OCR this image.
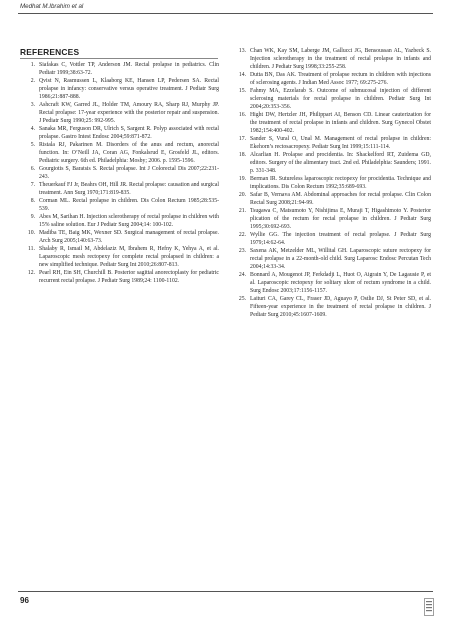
Medhat M.Ibrahim et al
REFERENCES
1. Siafakas C, Vottler TP, Anderson JM. Rectal prolapse in pediatrics. Clin Pediatr 1999;38:63-72.
2. Qvist N, Rasmussen L, Klaaborg KE, Hansen LP, Pedersen SA. Rectal prolapse in infancy: conservative versus operative treatment. J Pediatr Surg 1986;21:887-888.
3. Ashcraft KW, Garred JL, Holder TM, Amoury RA, Sharp RJ, Murphy JP. Rectal prolapse: 17-year experience with the posterior repair and suspension. J Pediatr Surg 1990;25: 992-995.
4. Sanaka MR, Ferguson DR, Ulrich S, Sargent R. Polyp associated with rectal prolapse. Gastro Intest Endosc 2004;59:871-872.
5. Ristala RJ, Pakarinen M. Disorders of the anus and rectum, anorectal function. In: O’Neill JA, Coran AG, Fonkalsrud E, Grosfeld JL, editors. Pediatric surgery. 6th ed. Philadelphia: Mosby; 2006. p. 1595-1596.
6. Gourgiotis S, Baratsis S. Rectal prolapse. Int J Colorectal Dis 2007;22:231-243.
7. Theuerkauf FJ Jr, Beahrs OH, Hill JR. Rectal prolapse: causation and surgical treatment. Ann Surg 1970;171:819-835.
8. Corman ML. Rectal prolapse in children. Dis Colon Rectum 1985;28:535-539.
9. Abes M, Sarihan H. Injection sclerotherapy of rectal prolapse in children with 15% saline solution. Eur J Pediatr Surg 2004;14: 100-102.
10. Madiba TE, Baig MK, Wexner SD. Surgical management of rectal prolapse. Arch Surg 2005;140:63-73.
11. Shalaby R, Ismail M, Abdelaziz M, Ibrahem R, Hefny K, Yehya A, et al. Laparoscopic mesh rectopexy for complete rectal prolapsed in children: a new simplified technique. Pediatr Surg Int 2010;26:807-813.
12. Pearl RH, Ein SH, Churchill B. Posterior sagittal anorectoplasty for pediatric recurrent rectal prolapse. J Pediatr Surg 1989;24: 1100-1102.
13. Chan WK, Kay SM, Laberge JM, Gallucci JG, Bensoussan AL, Yazbeck S. Injection sclerotherapy in the treatment of rectal prolapse in infants and children. J Pediatr Surg 1998;33:255-258.
14. Dutta BN, Das AK. Treatment of prolapse rectum in children with injections of sclerosing agents. J Indian Med Assoc 1977; 69:275-276.
15. Fahmy MA, Ezzelarab S. Outcome of submucosal injection of different sclerosing materials for rectal prolapse in children. Pediatr Surg Int 2004;20:353-356.
16. Hight DW, Hertzler JH, Philippart AI, Benson CD. Linear cauterization for the treatment of rectal prolapse in infants and children. Surg Gynecol Obstet 1982;154:400-402.
17. Sander S, Vural O, Unal M. Management of rectal prolapse in children: Ekehorn’s rectosacropexy. Pediatr Surg Int 1999;15:111-114.
18. Alcarlian H. Prolapse and procidentia. In: Shackelford RT, Zuidema GD, editors. Surgery of the alimentary tract. 2nd ed. Philadelphia: Saunders; 1991. p. 331-348.
19. Berman IR. Sutureless laparoscopic rectopexy for procidentia. Technique and implications. Dis Colon Rectum 1992;35:689-693.
20. Safar B, Vernava AM. Abdominal approaches for rectal prolapse. Clin Colon Rectal Surg 2008;21:94-99.
21. Tsugawa C, Matsumoto Y, Nishijima E, Muraji T, Higashimoto Y. Posterior plication of the rectum for rectal prolapse in children. J Pediatr Surg 1995;30:692-693.
22. Wyllie GG. The injection treatment of rectal prolapse. J Pediatr Surg 1979;14:62-64.
23. Saxena AK, Metzelder ML, Willital GH. Laparoscopic suture rectopexy for rectal prolapse in a 22-month-old child. Surg Laparosc Endosc Percutan Tech 2004;14:33-34.
24. Bonnard A, Mougenot JP, Ferkdadji L, Huot O, Aigrain Y, De Lagausie P, et al. Laparoscopic rectopexy for solitary ulcer of rectum syndrome in a child. Surg Endosc 2003;17:1156-1157.
25. Laituri CA, Garey CL, Fraser JD, Aguayo P, Ostlie DJ, St Peter SD, et al. Fifteen-year experience in the treatment of rectal prolapse in children. J Pediatr Surg 2010;45:1607-1609.
96
